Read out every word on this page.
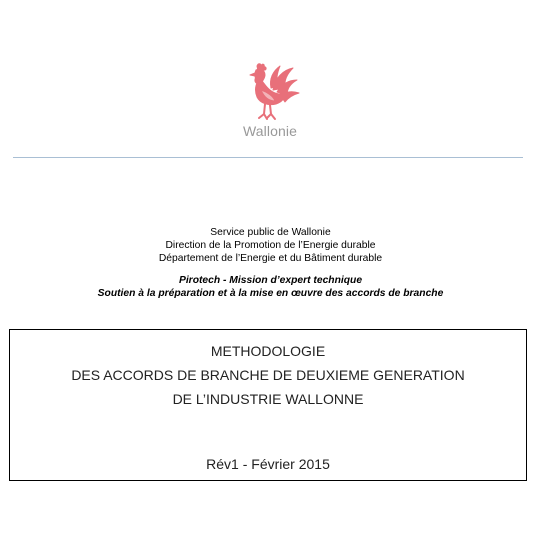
Wallonie
Service public de Wallonie
Direction de la Promotion de l’Energie durable
Département de l’Energie et du Bâtiment durable
Pirotech - Mission d’expert technique
Soutien à la préparation et à la mise en œuvre des accords de branche
METHODOLOGIE
DES ACCORDS DE BRANCHE DE DEUXIEME GENERATION
DE L’INDUSTRIE WALLONNE
Rév1 - Février 2015
